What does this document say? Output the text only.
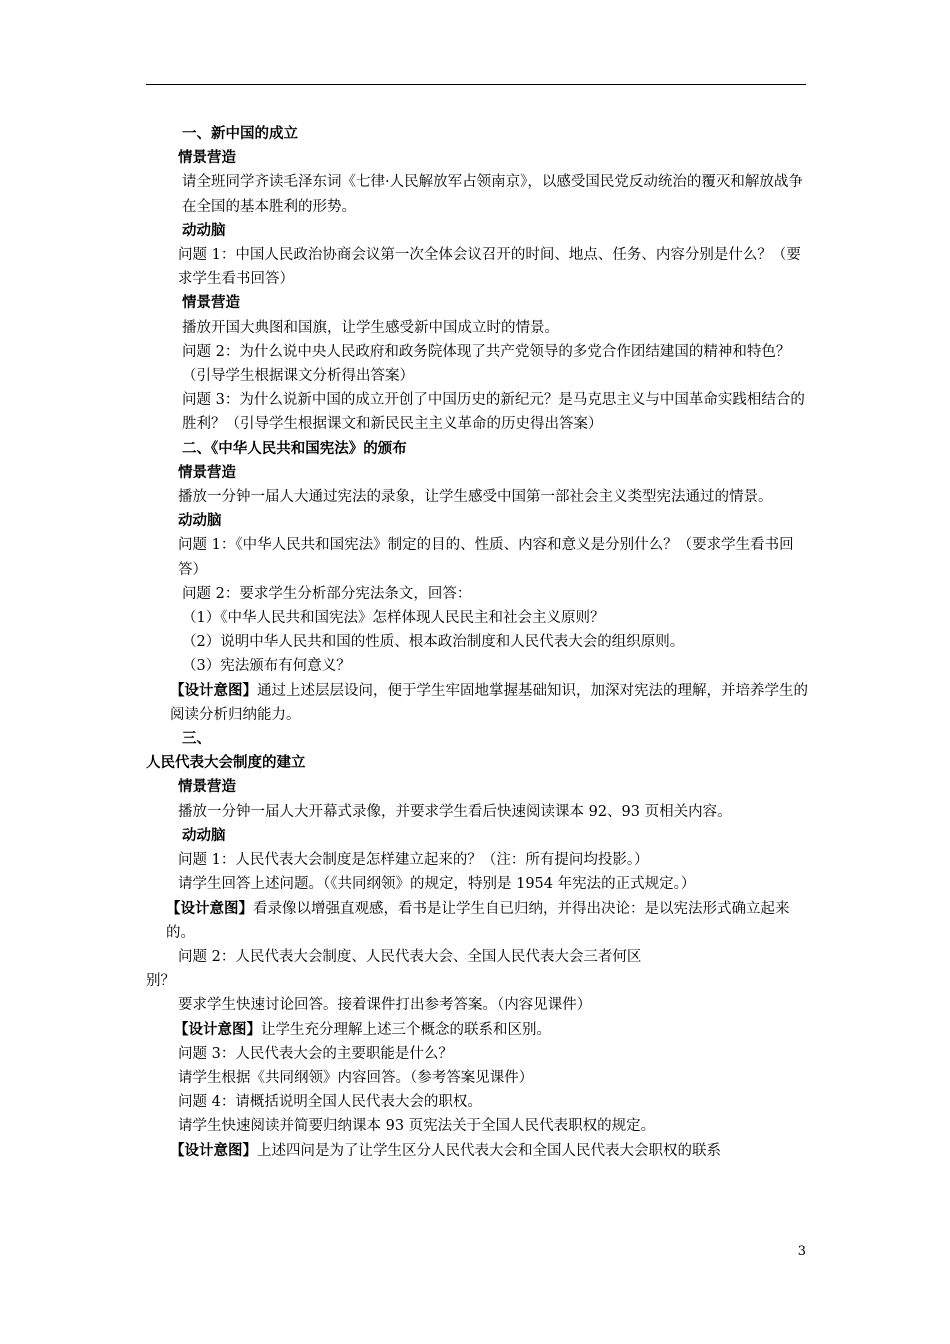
一、新中国的成立

情景营造

请全班同学齐读毛泽东词《七律·人民解放军占领南京》，以感受国民党反动统治的覆灭和解放战争在全国的基本胜利的形势。

动动脑

问题 1：中国人民政治协商会议第一次全体会议召开的时间、地点、任务、内容分别是什么？（要求学生看书回答）

情景营造

播放开国大典图和国旗，让学生感受新中国成立时的情景。

问题 2：为什么说中央人民政府和政务院体现了共产党领导的多党合作团结建国的精神和特色？（引导学生根据课文分析得出答案）

问题 3：为什么说新中国的成立开创了中国历史的新纪元？是马克思主义与中国革命实践相结合的胜利？（引导学生根据课文和新民民主主义革命的历史得出答案）

二、《中华人民共和国宪法》的颁布

情景营造

播放一分钟一届人大通过宪法的录象，让学生感受中国第一部社会主义类型宪法通过的情景。

动动脑

问题 1：《中华人民共和国宪法》制定的目的、性质、内容和意义是分别什么？（要求学生看书回答）

问题 2：要求学生分析部分宪法条文，回答：

（1）《中华人民共和国宪法》怎样体现人民民主和社会主义原则？

（2）说明中华人民共和国的性质、根本政治制度和人民代表大会的组织原则。

（3）宪法颁布有何意义？

【设计意图】通过上述层层设问，便于学生牢固地掌握基础知识，加深对宪法的理解，并培养学生的阅读分析归纳能力。

三、

人民代表大会制度的建立

情景营造

播放一分钟一届人大开幕式录像，并要求学生看后快速阅读课本 92、93 页相关内容。

动动脑

问题 1：人民代表大会制度是怎样建立起来的？（注：所有提问均投影。）

请学生回答上述问题。（《共同纲领》的规定，特别是 1954 年宪法的正式规定。）

【设计意图】看录像以增强直观感，看书是让学生自已归纳，并得出决论：是以宪法形式确立起来的。

问题 2：人民代表大会制度、人民代表大会、全国人民代表大会三者何区

别？

要求学生快速讨论回答。接着课件打出参考答案。（内容见课件）

【设计意图】让学生充分理解上述三个概念的联系和区别。

问题 3：人民代表大会的主要职能是什么？

请学生根据《共同纲领》内容回答。（参考答案见课件）

问题 4：请概括说明全国人民代表大会的职权。

请学生快速阅读并简要归纳课本 93 页宪法关于全国人民代表职权的规定。

【设计意图】上述四问是为了让学生区分人民代表大会和全国人民代表大会职权的联系

3
